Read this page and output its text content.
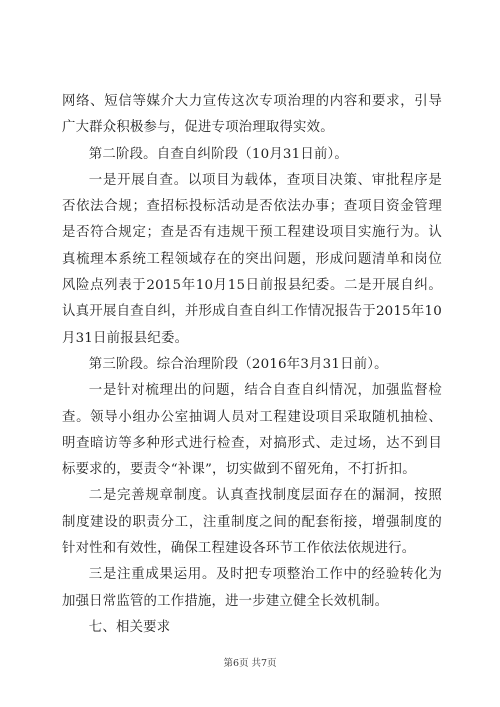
网络、短信等媒介大力宣传这次专项治理的内容和要求，引导广大群众积极参与，促进专项治理取得实效。

第二阶段。自查自纠阶段（10月31日前）。

一是开展自查。以项目为载体，查项目决策、审批程序是否依法合规；查招标投标活动是否依法办事；查项目资金管理是否符合规定；查是否有违规干预工程建设项目实施行为。认真梳理本系统工程领域存在的突出问题，形成问题清单和岗位风险点列表于2015年10月15日前报县纪委。二是开展自纠。认真开展自查自纠，并形成自查自纠工作情况报告于2015年10月31日前报县纪委。

第三阶段。综合治理阶段（2016年3月31日前）。

一是针对梳理出的问题，结合自查自纠情况，加强监督检查。领导小组办公室抽调人员对工程建设项目采取随机抽检、明查暗访等多种形式进行检查，对搞形式、走过场，达不到目标要求的，要责令“补课”，切实做到不留死角，不打折扣。

二是完善规章制度。认真查找制度层面存在的漏洞，按照制度建设的职责分工，注重制度之间的配套衔接，增强制度的针对性和有效性，确保工程建设各环节工作依法依规进行。

三是注重成果运用。及时把专项整治工作中的经验转化为加强日常监管的工作措施，进一步建立健全长效机制。

七、相关要求

第6页 共7页
